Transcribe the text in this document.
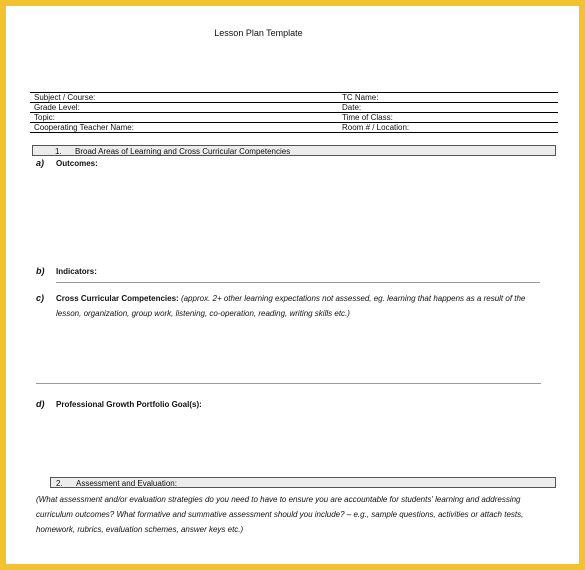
Lesson Plan Template
Subject / Course:	TC Name:
Grade Level:	Date:
Topic:	Time of Class:
Cooperating Teacher Name:	Room # / Location:
1. Broad Areas of Learning and Cross Curricular Competencies
a) Outcomes:
b) Indicators:
c) Cross Curricular Competencies: (approx. 2+ other learning expectations not assessed, eg. learning that happens as a result of the
lesson, organization, group work, listening, co-operation, reading, writing skills etc.)
d) Professional Growth Portfolio Goal(s):
2. Assessment and Evaluation:
(What assessment and/or evaluation strategies do you need to have to ensure you are accountable for students' learning and addressing
curriculum outcomes? What formative and summative assessment should you include? – e.g., sample questions, activities or attach tests,
homework, rubrics, evaluation schemes, answer keys etc.)
